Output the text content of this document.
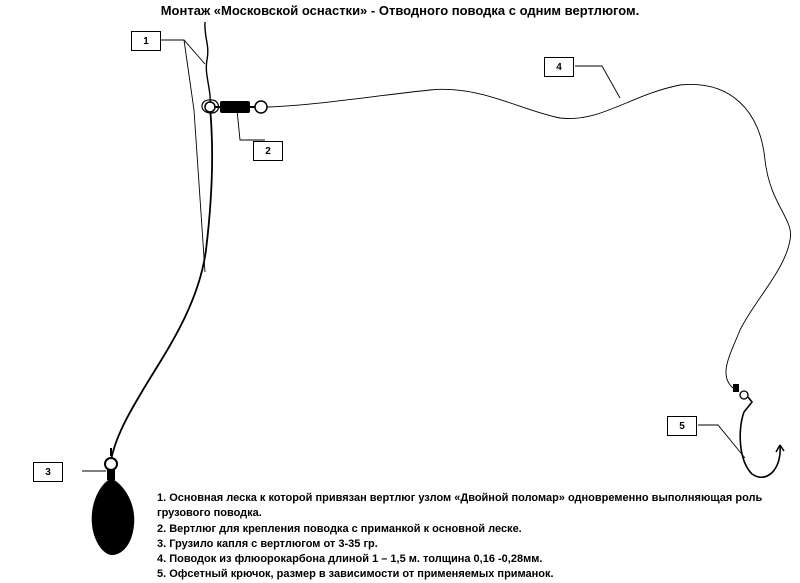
Монтаж «Московской оснастки» - Отводного поводка с одним вертлюгом.
1
2
3
4
5

1. Основная леска к которой привязан вертлюг узлом «Двойной поломар» одновременно выполняющая роль грузового поводка.

2. Вертлюг для крепления поводка с приманкой к основной леске.

3. Грузило капля с вертлюгом от 3-35 гр.

4. Поводок из флюорокарбона длиной 1 – 1,5 м. толщина 0,16 -0,28мм.

5. Офсетный крючок, размер в зависимости от применяемых приманок.
